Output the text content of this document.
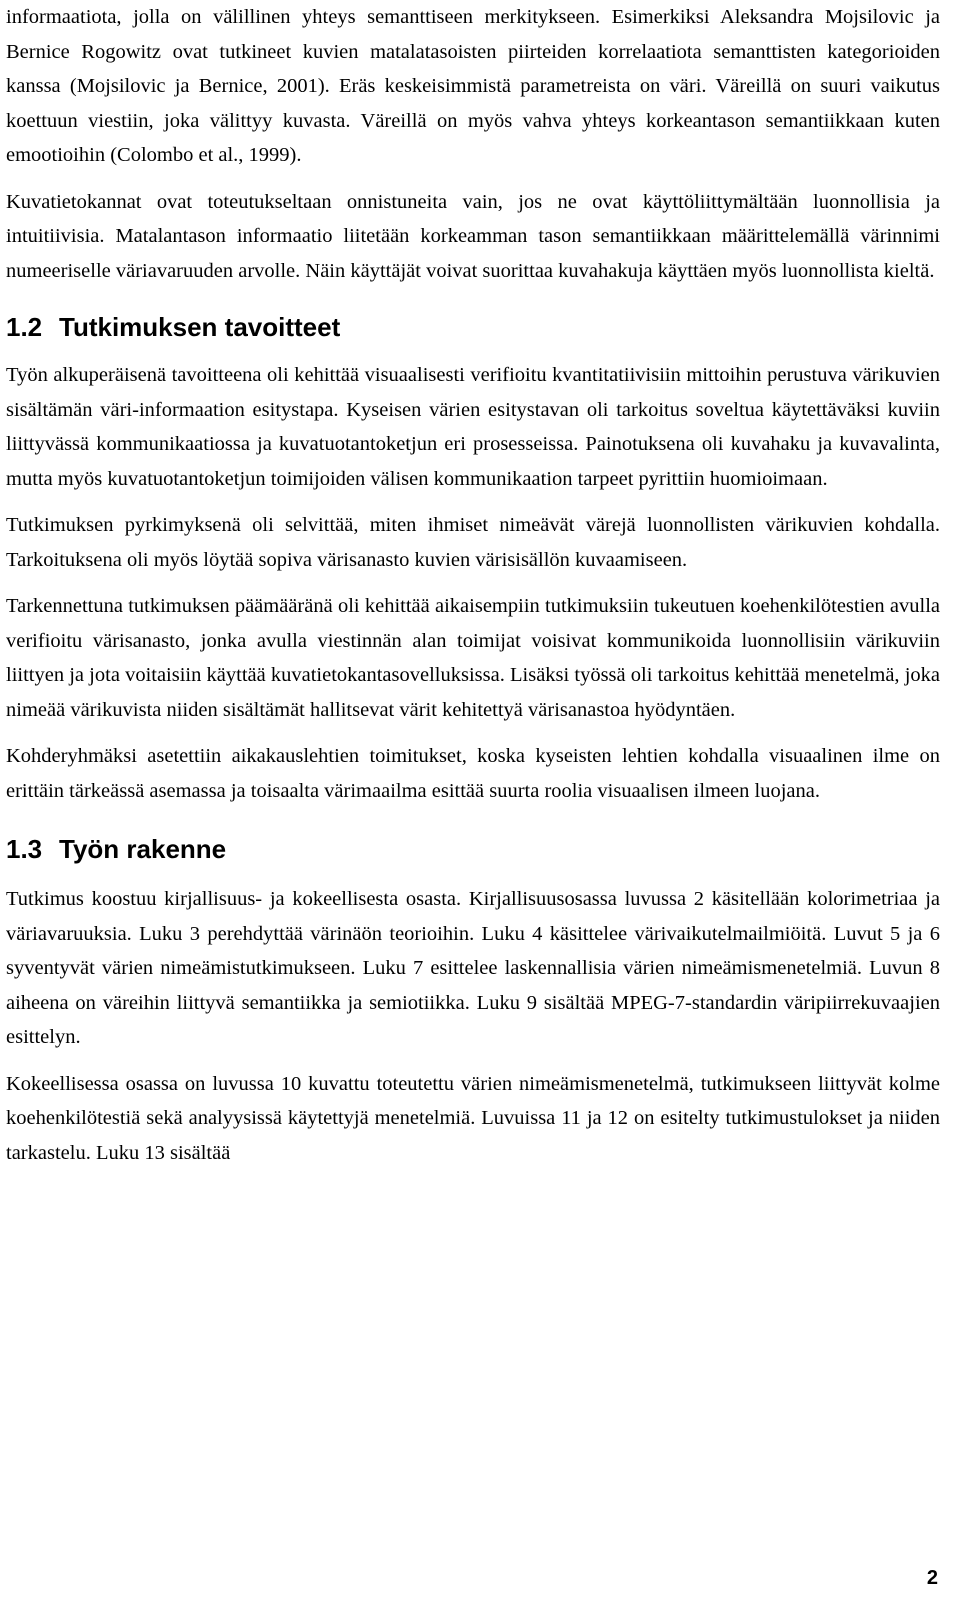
informaatiota, jolla on välillinen yhteys semanttiseen merkitykseen. Esimerkiksi Aleksandra Mojsilovic ja Bernice Rogowitz ovat tutkineet kuvien matalatasoisten piirteiden korrelaatiota semanttisten kategorioiden kanssa (Mojsilovic ja Bernice, 2001). Eräs keskeisimmistä parametreista on väri. Väreillä on suuri vaikutus koettuun viestiin, joka välittyy kuvasta. Väreillä on myös vahva yhteys korkeantason semantiikkaan kuten emootioihin (Colombo et al., 1999).

Kuvatietokannat ovat toteutukseltaan onnistuneita vain, jos ne ovat käyttöliittymältään luonnollisia ja intuitiivisia. Matalantason informaatio liitetään korkeamman tason semantiikkaan määrittelemällä värinnimi numeeriselle väriavaruuden arvolle. Näin käyttäjät voivat suorittaa kuvahakuja käyttäen myös luonnollista kieltä.

1.2 Tutkimuksen tavoitteet

Työn alkuperäisenä tavoitteena oli kehittää visuaalisesti verifioitu kvantitatiivisiin mittoihin perustuva värikuvien sisältämän väri-informaation esitystapa. Kyseisen värien esitystavan oli tarkoitus soveltua käytettäväksi kuviin liittyvässä kommunikaatiossa ja kuvatuotantoketjun eri prosesseissa. Painotuksena oli kuvahaku ja kuvavalinta, mutta myös kuvatuotantoketjun toimijoiden välisen kommunikaation tarpeet pyrittiin huomioimaan.

Tutkimuksen pyrkimyksenä oli selvittää, miten ihmiset nimeävät värejä luonnollisten värikuvien kohdalla. Tarkoituksena oli myös löytää sopiva värisanasto kuvien värisisällön kuvaamiseen.

Tarkennettuna tutkimuksen päämääränä oli kehittää aikaisempiin tutkimuksiin tukeutuen koehenkilötestien avulla verifioitu värisanasto, jonka avulla viestinnän alan toimijat voisivat kommunikoida luonnollisiin värikuviin liittyen ja jota voitaisiin käyttää kuvatietokantasovelluksissa. Lisäksi työssä oli tarkoitus kehittää menetelmä, joka nimeää värikuvista niiden sisältämät hallitsevat värit kehitettyä värisanastoa hyödyntäen.

Kohderyhmäksi asetettiin aikakauslehtien toimitukset, koska kyseisten lehtien kohdalla visuaalinen ilme on erittäin tärkeässä asemassa ja toisaalta värimaailma esittää suurta roolia visuaalisen ilmeen luojana.

1.3 Työn rakenne

Tutkimus koostuu kirjallisuus- ja kokeellisesta osasta. Kirjallisuusosassa luvussa 2 käsitellään kolorimetriaa ja väriavaruuksia. Luku 3 perehdyttää värinäön teorioihin. Luku 4 käsittelee värivaikutelmailmiöitä. Luvut 5 ja 6 syventyvät värien nimeämistutkimukseen. Luku 7 esittelee laskennallisia värien nimeämismenetelmiä. Luvun 8 aiheena on väreihin liittyvä semantiikka ja semiotiikka. Luku 9 sisältää MPEG-7-standardin väripiirrekuvaajien esittelyn.

Kokeellisessa osassa on luvussa 10 kuvattu toteutettu värien nimeämismenetelmä, tutkimukseen liittyvät kolme koehenkilötestiä sekä analyysissä käytettyjä menetelmiä. Luvuissa 11 ja 12 on esitelty tutkimustulokset ja niiden tarkastelu. Luku 13 sisältää

2
